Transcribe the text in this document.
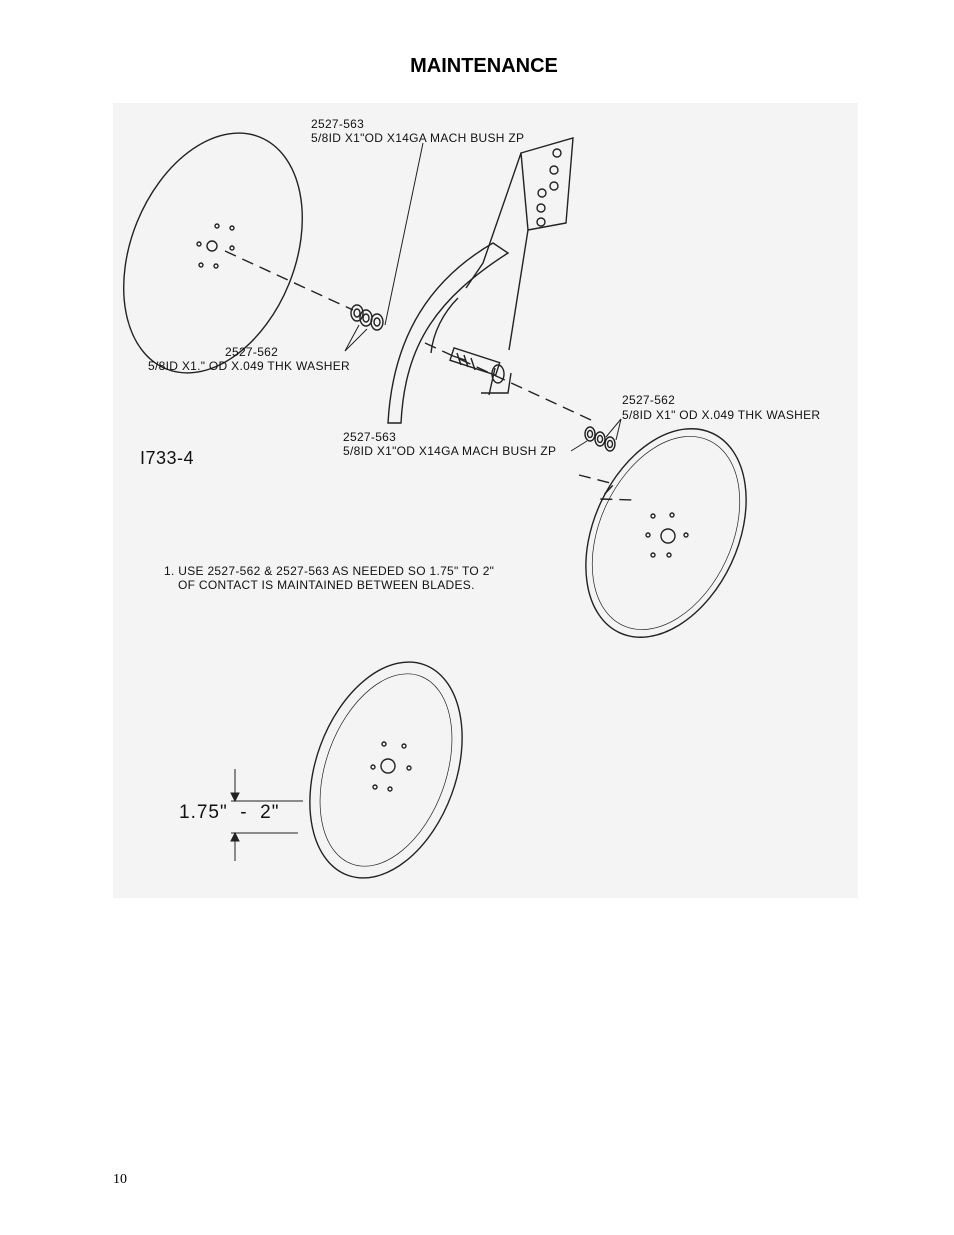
MAINTENANCE
2527-563
5/8ID X1"OD X14GA MACH BUSH ZP
2527-562
5/8ID X1." OD X.049 THK WASHER
2527-562
5/8ID X1" OD X.049 THK WASHER
2527-563
5/8ID X1"OD X14GA MACH BUSH ZP
I733-4
1. USE 2527-562 & 2527-563 AS NEEDED SO 1.75" TO 2"
OF CONTACT IS MAINTAINED BETWEEN BLADES.
1.75"  -  2"
10
